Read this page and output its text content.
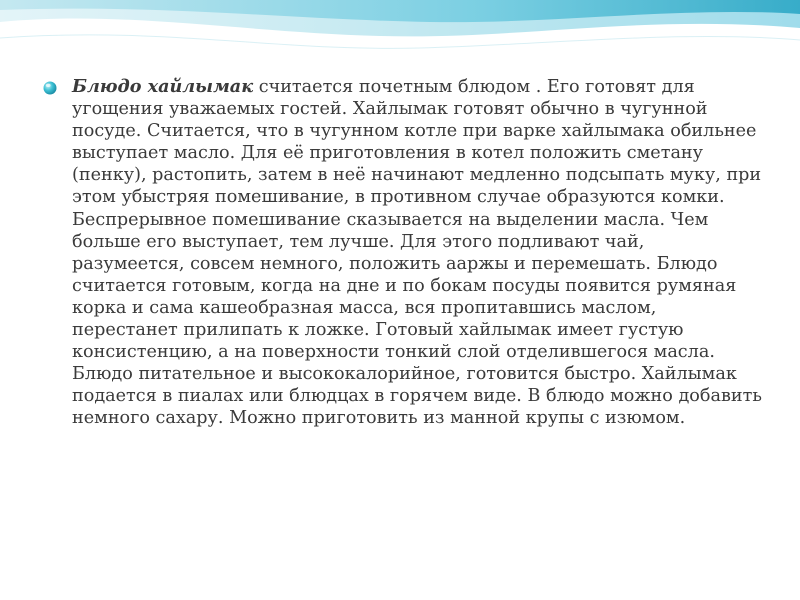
Блюдо хайлымак считается почетным блюдом . Его готовят для угощения уважаемых гостей. Хайлымак готовят обычно в чугунной посуде. Считается, что в чугунном котле при варке хайлымака обильнее выступает масло. Для её приготовления в котел положить сметану (пенку), растопить, затем в неё начинают медленно подсыпать муку, при этом убыстряя помешивание, в противном случае образуются комки. Беспрерывное помешивание сказывается на выделении масла. Чем больше его выступает, тем лучше. Для этого подливают чай, разумеется, совсем немного, положить ааржы и перемешать. Блюдо считается готовым, когда на дне и по бокам посуды появится румяная корка и сама кашеобразная масса, вся пропитавшись маслом, перестанет прилипать к ложке. Готовый хайлымак имеет густую консистенцию, а на поверхности тонкий слой отделившегося масла. Блюдо питательное и высококалорийное, готовится быстро. Хайлымак подается в пиалах или блюдцах в горячем виде. В блюдо можно добавить немного сахару. Можно приготовить из манной крупы с изюмом.
